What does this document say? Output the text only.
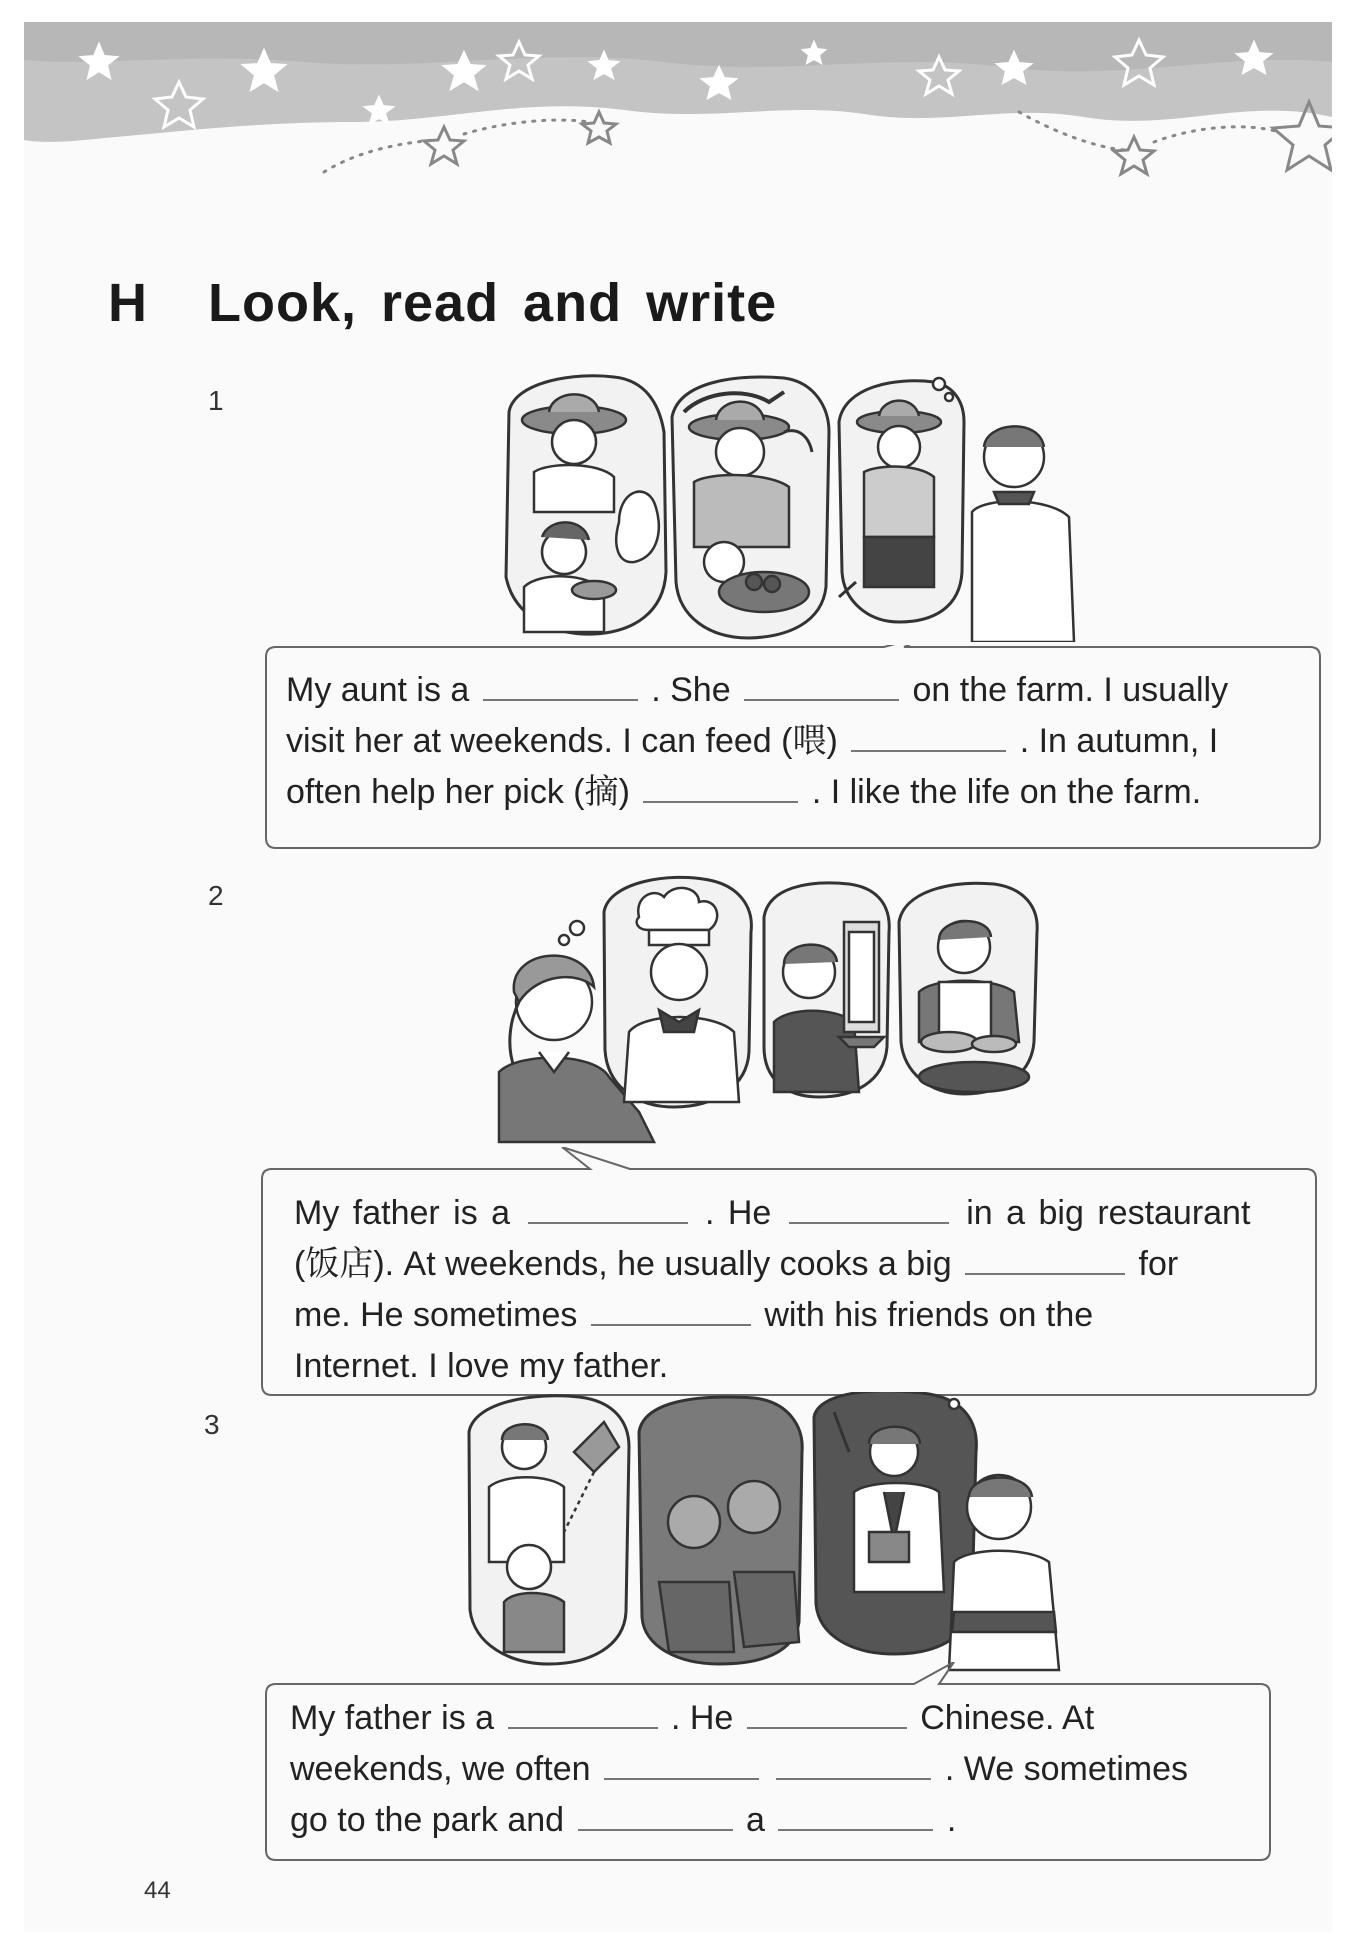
H Look, read and write
1
My aunt is a	. She	on the farm. I usually
visit her at weekends. I can feed (喂)	. In autumn, I
often help her pick (摘)	. I like the life on the farm.
2
My father is a	. He	in a big restaurant
(饭店). At weekends, he usually cooks a big	for
me. He sometimes	with his friends on the
Internet. I love my father.
3
My father is a	. He	Chinese. At
weekends, we often	. We sometimes
go to the park and	a	.
44
